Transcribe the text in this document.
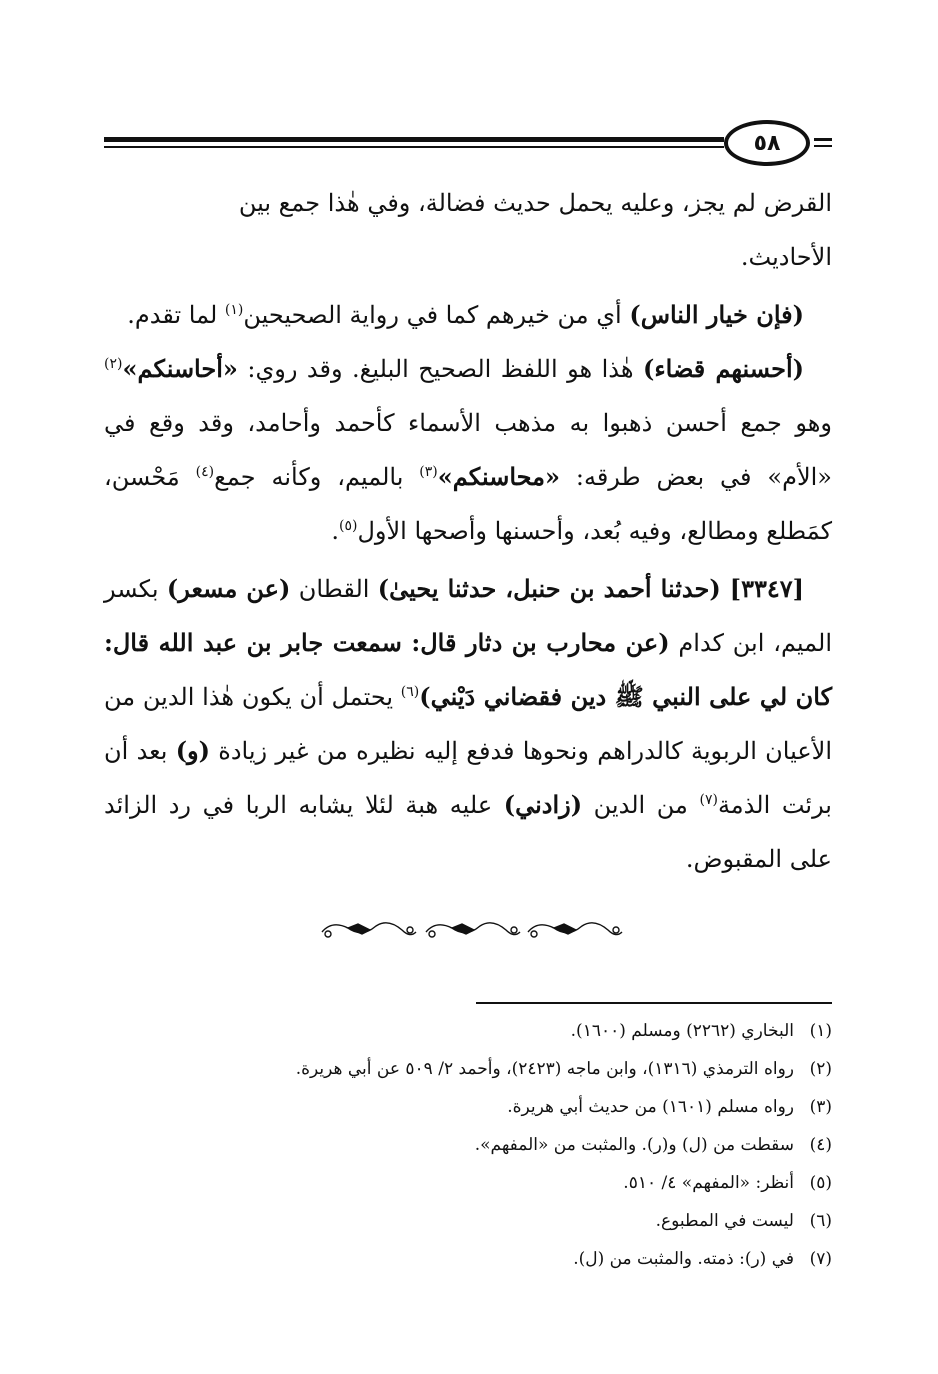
٥٨

القرض لم يجز، وعليه يحمل حديث فضالة، وفي هٰذا جمع بين
الأحاديث.

(فإن خيار الناس) أي من خيرهم كما في رواية الصحيحين$^{(١)}$ لما تقدم.

(أحسنهم قضاء) هٰذا هو اللفظ الصحيح البليغ. وقد روي: «أحاسنكم»$^{(٢)}$ وهو جمع أحسن ذهبوا به مذهب الأسماء كأحمد وأحامد، وقد وقع في «الأم» في بعض طرقه: «محاسنكم»$^{(٣)}$ بالميم، وكأنه جمع$^{(٤)}$ مَحْسن، كمَطلع ومطالع، وفيه بُعد، وأحسنها وأصحها الأول$^{(٥)}$.

[٣٣٤٧] (حدثنا أحمد بن حنبل، حدثنا يحيىٰ) القطان (عن مسعر) بكسر الميم، ابن كدام (عن محارب بن دثار قال: سمعت جابر بن عبد الله قال: كان لي على النبي ﷺ دين فقضاني دَيْني)$^{(٦)}$ يحتمل أن يكون هٰذا الدين من الأعيان الربوية كالدراهم ونحوها فدفع إليه نظيره من غير زيادة (و) بعد أن برئت الذمة$^{(٧)}$ من الدين (زادني) عليه هبة لئلا يشابه الربا في رد الزائد على المقبوض.

(١)البخاري (٢٢٦٢) ومسلم (١٦٠٠).
(٢)رواه الترمذي (١٣١٦)، وابن ماجه (٢٤٢٣)، وأحمد ٢/ ٥٠٩ عن أبي هريرة.
(٣)رواه مسلم (١٦٠١) من حديث أبي هريرة.
(٤)سقطت من (ل) و(ر). والمثبت من «المفهم».
(٥)أنظر: «المفهم» ٤/ ٥١٠.
(٦)ليست في المطبوع.
(٧)في (ر): ذمته. والمثبت من (ل).
